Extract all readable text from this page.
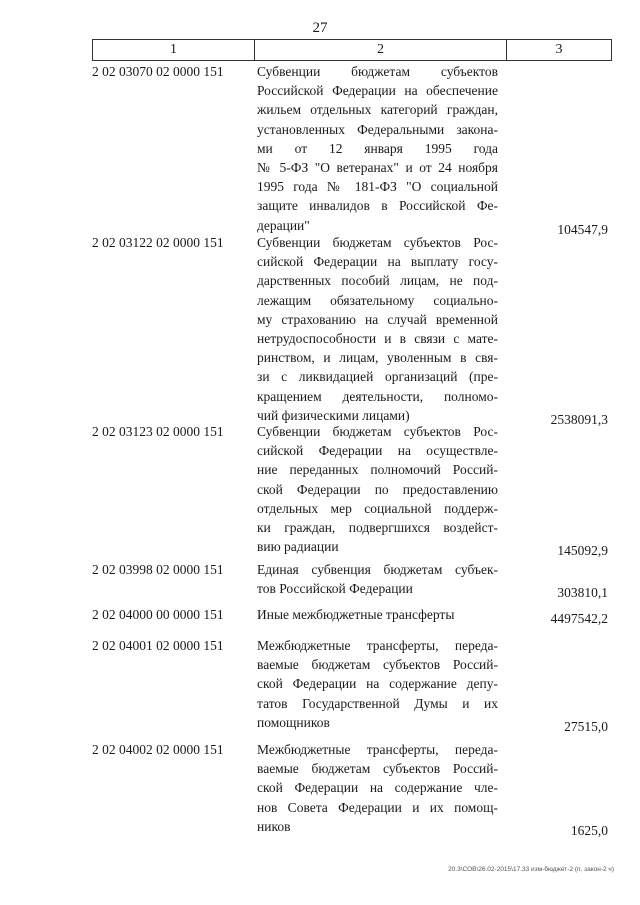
27
1	2	3
2 02 03070 02 0000 151	Субвенции бюджетам субъектов
Российской Федерации на обеспечение
жильем отдельных категорий граждан,
установленных Федеральными законa-
ми от 12 января 1995 года
№ 5-ФЗ "О ветеранах" и от 24 ноября
1995 года № 181-ФЗ "О социальной
защите инвалидов в Российской Фе-
дерации"	104547,9
2 02 03122 02 0000 151	Субвенции бюджетам субъектов Рос-
сийской Федерации на выплату госу-
дарственных пособий лицам, не под-
лежащим обязательному социально-
му страхованию на случай временной
нетрудоспособности и в связи с мате-
ринством, и лицам, уволенным в свя-
зи с ликвидацией организаций (пре-
кращением деятельности, полномо-
чий физическими лицами)	2538091,3
2 02 03123 02 0000 151	Субвенции бюджетам субъектов Рос-
сийской Федерации на осуществле-
ние переданных полномочий Россий-
ской Федерации по предоставлению
отдельных мер социальной поддерж-
ки граждан, подвергшихся воздейст-
вию радиации	145092,9
2 02 03998 02 0000 151	Единая субвенция бюджетам субъек-
тов Российской Федерации	303810,1
2 02 04000 00 0000 151	Иные межбюджетные трансферты	4497542,2
2 02 04001 02 0000 151	Межбюджетные трансферты, переда-
ваемые бюджетам субъектов Россий-
ской Федерации на содержание депу-
татов Государственной Думы и их
помощников	27515,0
2 02 04002 02 0000 151	Межбюджетные трансферты, переда-
ваемые бюджетам субъектов Россий-
ской Федерации на содержание чле-
нов Совета Федерации и их помощ-
ников	1625,0
20.3\СОВ\26.02-2015\17.33 изм-бюджет-2 (п. закон-2 ч)
